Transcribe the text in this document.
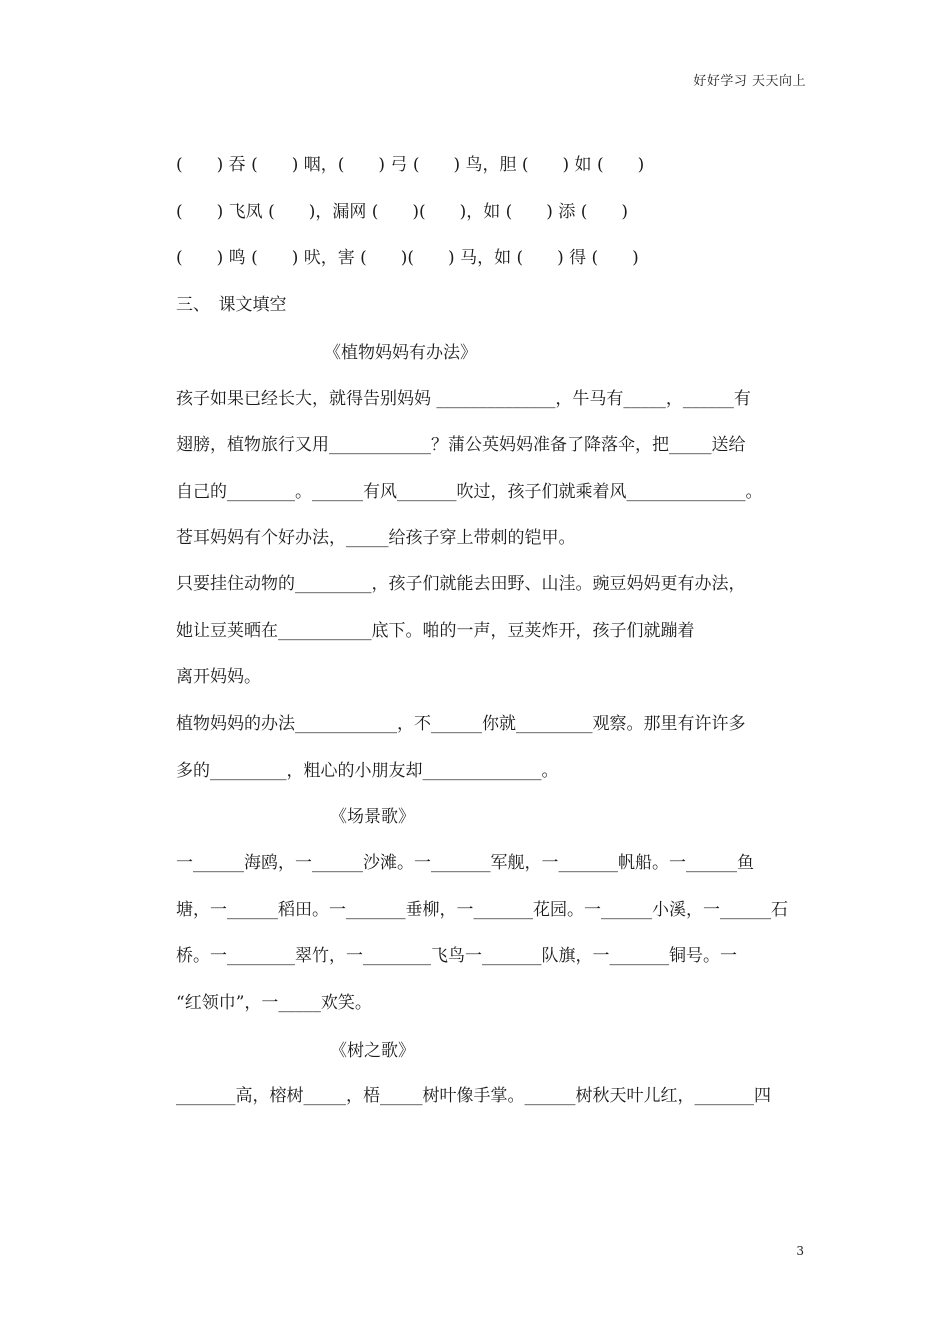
好好学习 天天向上
(　　) 吞 (　　) 咽，(　　) 弓 (　　) 鸟，胆 (　　) 如 (　　)
(　　) 飞凤 (　　)，漏网 (　　)(　　)，如 (　　) 添 (　　)
(　　) 鸣 (　　) 吠，害 (　　)(　　) 马，如 (　　) 得 (　　)
三、　课文填空
《植物妈妈有办法》
孩子如果已经长大，就得告别妈妈 ______________，牛马有_____，______有
翅膀，植物旅行又用____________？蒲公英妈妈准备了降落伞，把_____送给
自己的________。______有风_______吹过，孩子们就乘着风______________。
苍耳妈妈有个好办法，_____给孩子穿上带刺的铠甲。
只要挂住动物的_________，孩子们就能去田野、山洼。豌豆妈妈更有办法，
她让豆荚晒在___________底下。啪的一声，豆荚炸开，孩子们就蹦着
离开妈妈。
植物妈妈的办法____________，不______你就_________观察。那里有许许多
多的_________，粗心的小朋友却______________。
《场景歌》
一______海鸥，一______沙滩。一_______军舰，一_______帆船。一______鱼
塘，一______稻田。一_______垂柳，一_______花园。一______小溪，一______石
桥。一________翠竹，一________飞鸟一_______队旗，一_______铜号。一
“红领巾”，一_____欢笑。
《树之歌》
_______高，榕树_____，梧_____树叶像手掌。______树秋天叶儿红，_______四
3
